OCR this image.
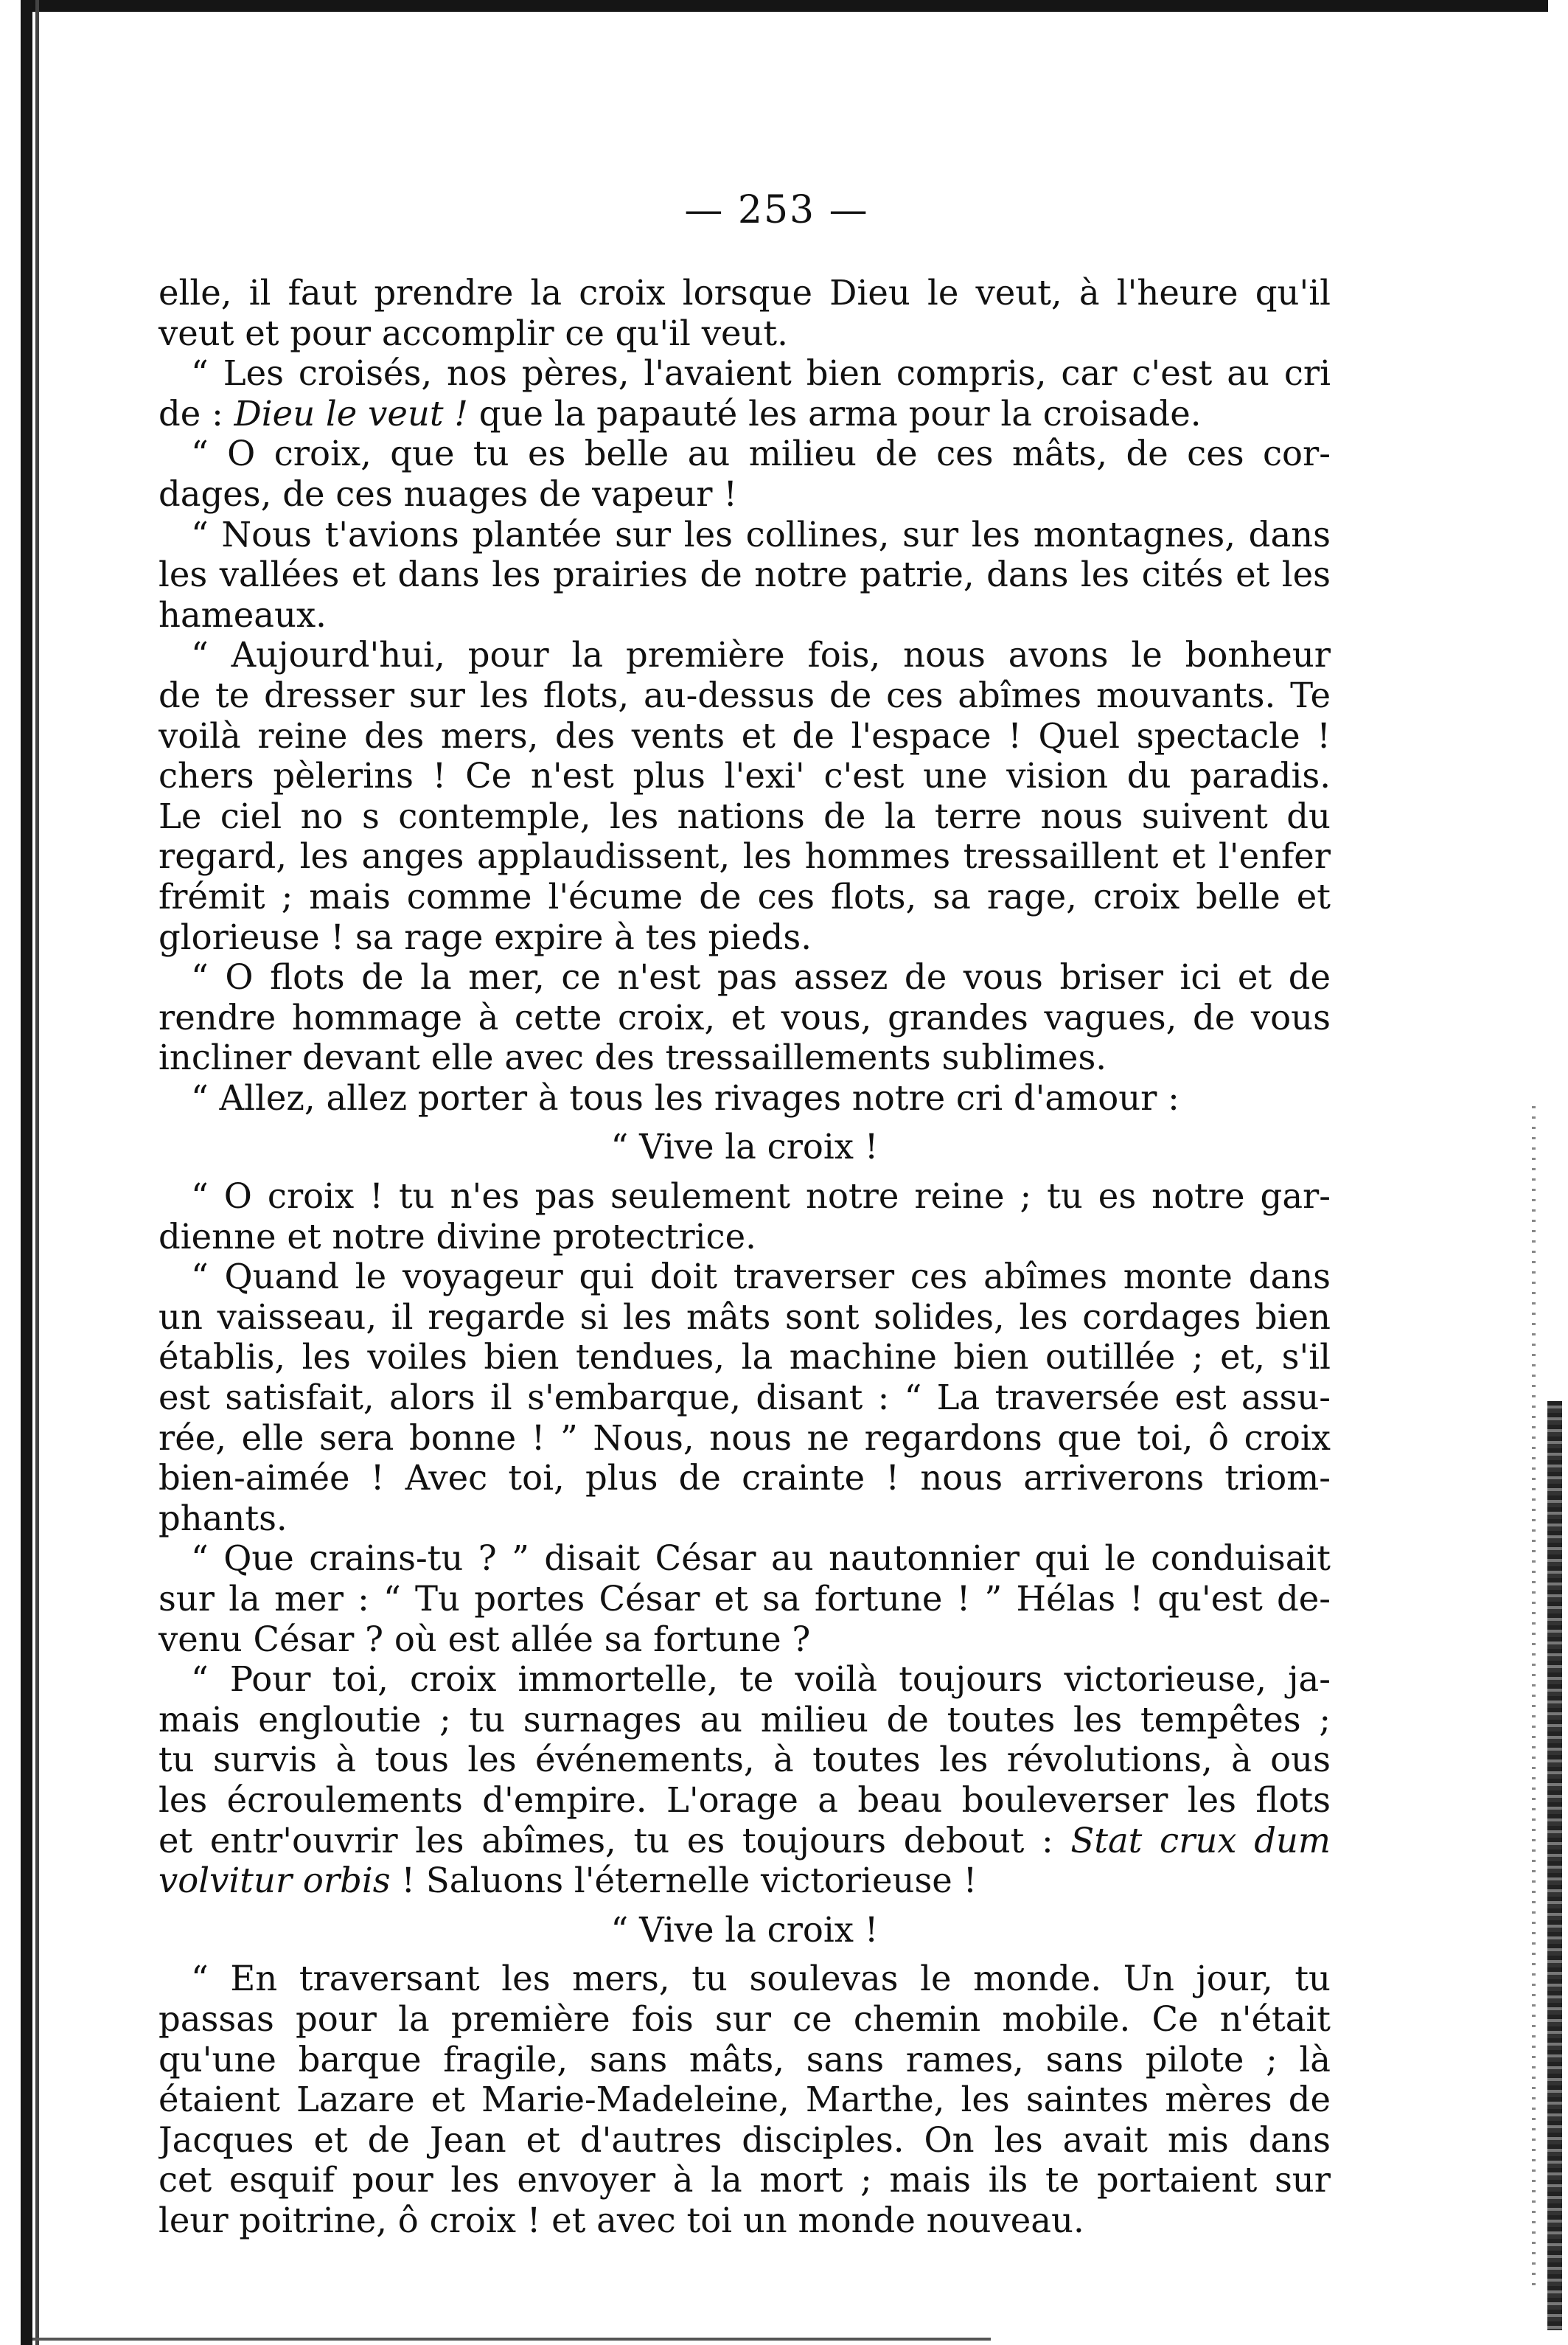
— 253 —
elle, il faut prendre la croix lorsque Dieu le veut, à l'heure qu'il
veut et pour accomplir ce qu'il veut.
“ Les croisés, nos pères, l'avaient bien compris, car c'est au cri
de : Dieu le veut ! que la papauté les arma pour la croisade.
“ O croix, que tu es belle au milieu de ces mâts, de ces cor-
dages, de ces nuages de vapeur !
“ Nous t'avions plantée sur les collines, sur les montagnes, dans
les vallées et dans les prairies de notre patrie, dans les cités et les
hameaux.
“ Aujourd'hui, pour la première fois, nous avons le bonheur
de te dresser sur les flots, au-dessus de ces abîmes mouvants. Te
voilà reine des mers, des vents et de l'espace ! Quel spectacle !
chers pèlerins ! Ce n'est plus l'exi' c'est une vision du paradis.
Le ciel no s contemple, les nations de la terre nous suivent du
regard, les anges applaudissent, les hommes tressaillent et l'enfer
frémit ; mais comme l'écume de ces flots, sa rage, croix belle et
glorieuse ! sa rage expire à tes pieds.
“ O flots de la mer, ce n'est pas assez de vous briser ici et de
rendre hommage à cette croix, et vous, grandes vagues, de vous
incliner devant elle avec des tressaillements sublimes.
“ Allez, allez porter à tous les rivages notre cri d'amour :
“ Vive la croix !
“ O croix ! tu n'es pas seulement notre reine ; tu es notre gar-
dienne et notre divine protectrice.
“ Quand le voyageur qui doit traverser ces abîmes monte dans
un vaisseau, il regarde si les mâts sont solides, les cordages bien
établis, les voiles bien tendues, la machine bien outillée ; et, s'il
est satisfait, alors il s'embarque, disant : “ La traversée est assu-
rée, elle sera bonne ! ” Nous, nous ne regardons que toi, ô croix
bien-aimée ! Avec toi, plus de crainte ! nous arriverons triom-
phants.
“ Que crains-tu ? ” disait César au nautonnier qui le conduisait
sur la mer : “ Tu portes César et sa fortune ! ” Hélas ! qu'est de-
venu César ? où est allée sa fortune ?
“ Pour toi, croix immortelle, te voilà toujours victorieuse, ja-
mais engloutie ; tu surnages au milieu de toutes les tempêtes ;
tu survis à tous les événements, à toutes les révolutions, à ous
les écroulements d'empire. L'orage a beau bouleverser les flots
et entr'ouvrir les abîmes, tu es toujours debout : Stat crux dum
volvitur orbis ! Saluons l'éternelle victorieuse !
“ Vive la croix !
“ En traversant les mers, tu soulevas le monde. Un jour, tu
passas pour la première fois sur ce chemin mobile. Ce n'était
qu'une barque fragile, sans mâts, sans rames, sans pilote ; là
étaient Lazare et Marie-Madeleine, Marthe, les saintes mères de
Jacques et de Jean et d'autres disciples. On les avait mis dans
cet esquif pour les envoyer à la mort ; mais ils te portaient sur
leur poitrine, ô croix ! et avec toi un monde nouveau.
